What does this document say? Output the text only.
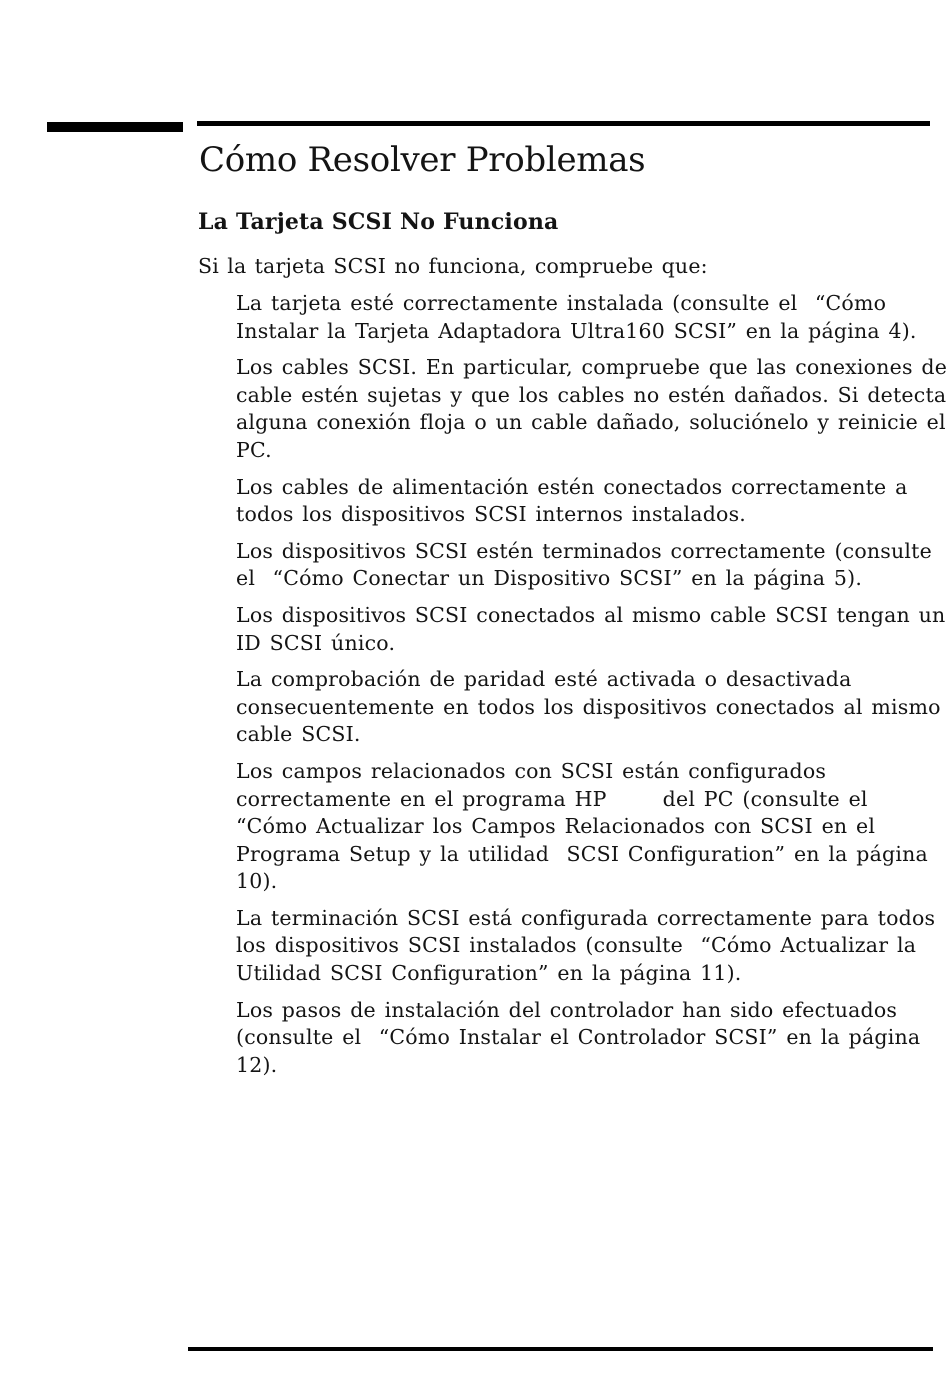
Cómo Resolver Problemas
La Tarjeta SCSI No Funciona

Si la tarjeta SCSI no funciona, compruebe que:

La tarjeta esté correctamente instalada (consulte el  “Cómo
Instalar la Tarjeta Adaptadora Ultra160 SCSI” en la página 4).
Los cables SCSI. En particular, compruebe que las conexiones de
cable estén sujetas y que los cables no estén dañados. Si detecta
alguna conexión floja o un cable dañado, soluciónelo y reinicie el
PC.
Los cables de alimentación estén conectados correctamente a
todos los dispositivos SCSI internos instalados.
Los dispositivos SCSI estén terminados correctamente (consulte
el  “Cómo Conectar un Dispositivo SCSI” en la página 5).
Los dispositivos SCSI conectados al mismo cable SCSI tengan un
ID SCSI único.
La comprobación de paridad esté activada o desactivada
consecuentemente en todos los dispositivos conectados al mismo
cable SCSI.
Los campos relacionados con SCSI están configurados
correctamente en el programa HP	del PC (consulte el
“Cómo Actualizar los Campos Relacionados con SCSI en el
Programa Setup y la utilidad  SCSI Configuration” en la página
10).
La terminación SCSI está configurada correctamente para todos
los dispositivos SCSI instalados (consulte  “Cómo Actualizar la
Utilidad SCSI Configuration” en la página 11).
Los pasos de instalación del controlador han sido efectuados
(consulte el  “Cómo Instalar el Controlador SCSI” en la página
12).
